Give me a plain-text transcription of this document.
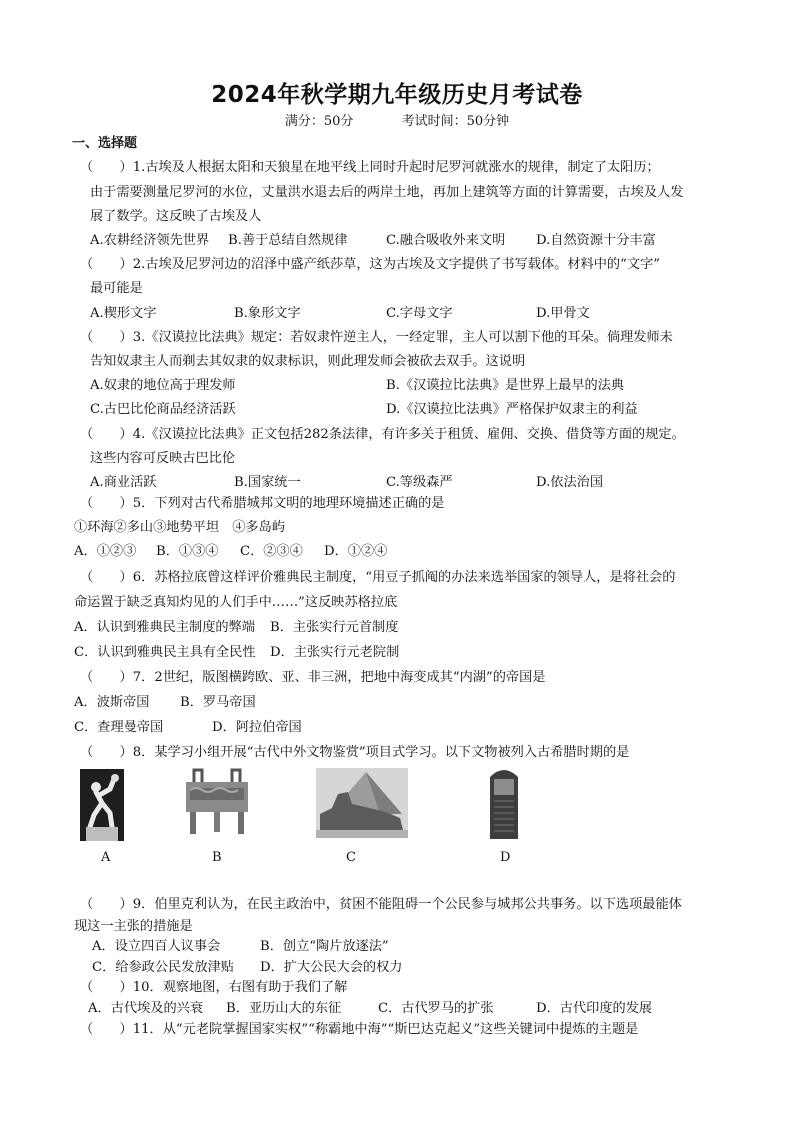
2024年秋学期九年级历史月考试卷
满分：50分	考试时间：50分钟
一、选择题
（　　）1.古埃及人根据太阳和天狼星在地平线上同时升起时尼罗河就涨水的规律，制定了太阳历；
由于需要测量尼罗河的水位，丈量洪水退去后的两岸土地，再加上建筑等方面的计算需要，古埃及人发
展了数学。这反映了古埃及人
A.农耕经济领先世界 B.善于总结自然规律	C.融合吸收外来文明 D.自然资源十分丰富
（　　）2.古埃及尼罗河边的沼泽中盛产纸莎草，这为古埃及文字提供了书写载体。材料中的“文字”
最可能是
A.楔形文字	B.象形文字	C.字母文字	D.甲骨文
（　　）3.《汉谟拉比法典》规定：若奴隶忤逆主人，一经定罪，主人可以割下他的耳朵。倘理发师未
告知奴隶主人而剃去其奴隶的奴隶标识，则此理发师会被砍去双手。这说明
A.奴隶的地位高于理发师	B.《汉谟拉比法典》是世界上最早的法典
C.古巴比伦商品经济活跃	D.《汉谟拉比法典》严格保护奴隶主的利益
（　　）4.《汉谟拉比法典》正文包括282条法律，有许多关于租赁、雇佣、交换、借贷等方面的规定。
这些内容可反映古巴比伦
A.商业活跃	B.国家统一	C.等级森严	D.依法治国
（　　）5．下列对古代希腊城邦文明的地理环境描述正确的是
①环海②多山③地势平坦　④多岛屿
A．①②③ B．①③④ C．②③④ D．①②④
（　　）6．苏格拉底曾这样评价雅典民主制度，“用豆子抓阄的办法来选举国家的领导人，是将社会的
命运置于缺乏真知灼见的人们手中……”这反映苏格拉底
A．认识到雅典民主制度的弊端 B．主张实行元首制度
C．认识到雅典民主具有全民性 D．主张实行元老院制
（　　）7．2世纪，版图横跨欧、亚、非三洲，把地中海变成其“内湖”的帝国是
A．波斯帝国 B．罗马帝国
C．查理曼帝国	D．阿拉伯帝国
（　　）8．某学习小组开展“古代中外文物鉴赏”项目式学习。以下文物被列入古希腊时期的是
A	B	C	D
（　　）9．伯里克利认为，在民主政治中，贫困不能阻碍一个公民参与城邦公共事务。以下选项最能体
现这一主张的措施是
A．设立四百人议事会	B．创立“陶片放逐法”
C．给参政公民发放津贴 D．扩大公民大会的权力
（　　）10．观察地图，右图有助于我们了解
A．古代埃及的兴衰 B．亚历山大的东征	C．古代罗马的扩张	D．古代印度的发展
（　　）11．从“元老院掌握国家实权”“称霸地中海”“斯巴达克起义”这些关键词中提炼的主题是
